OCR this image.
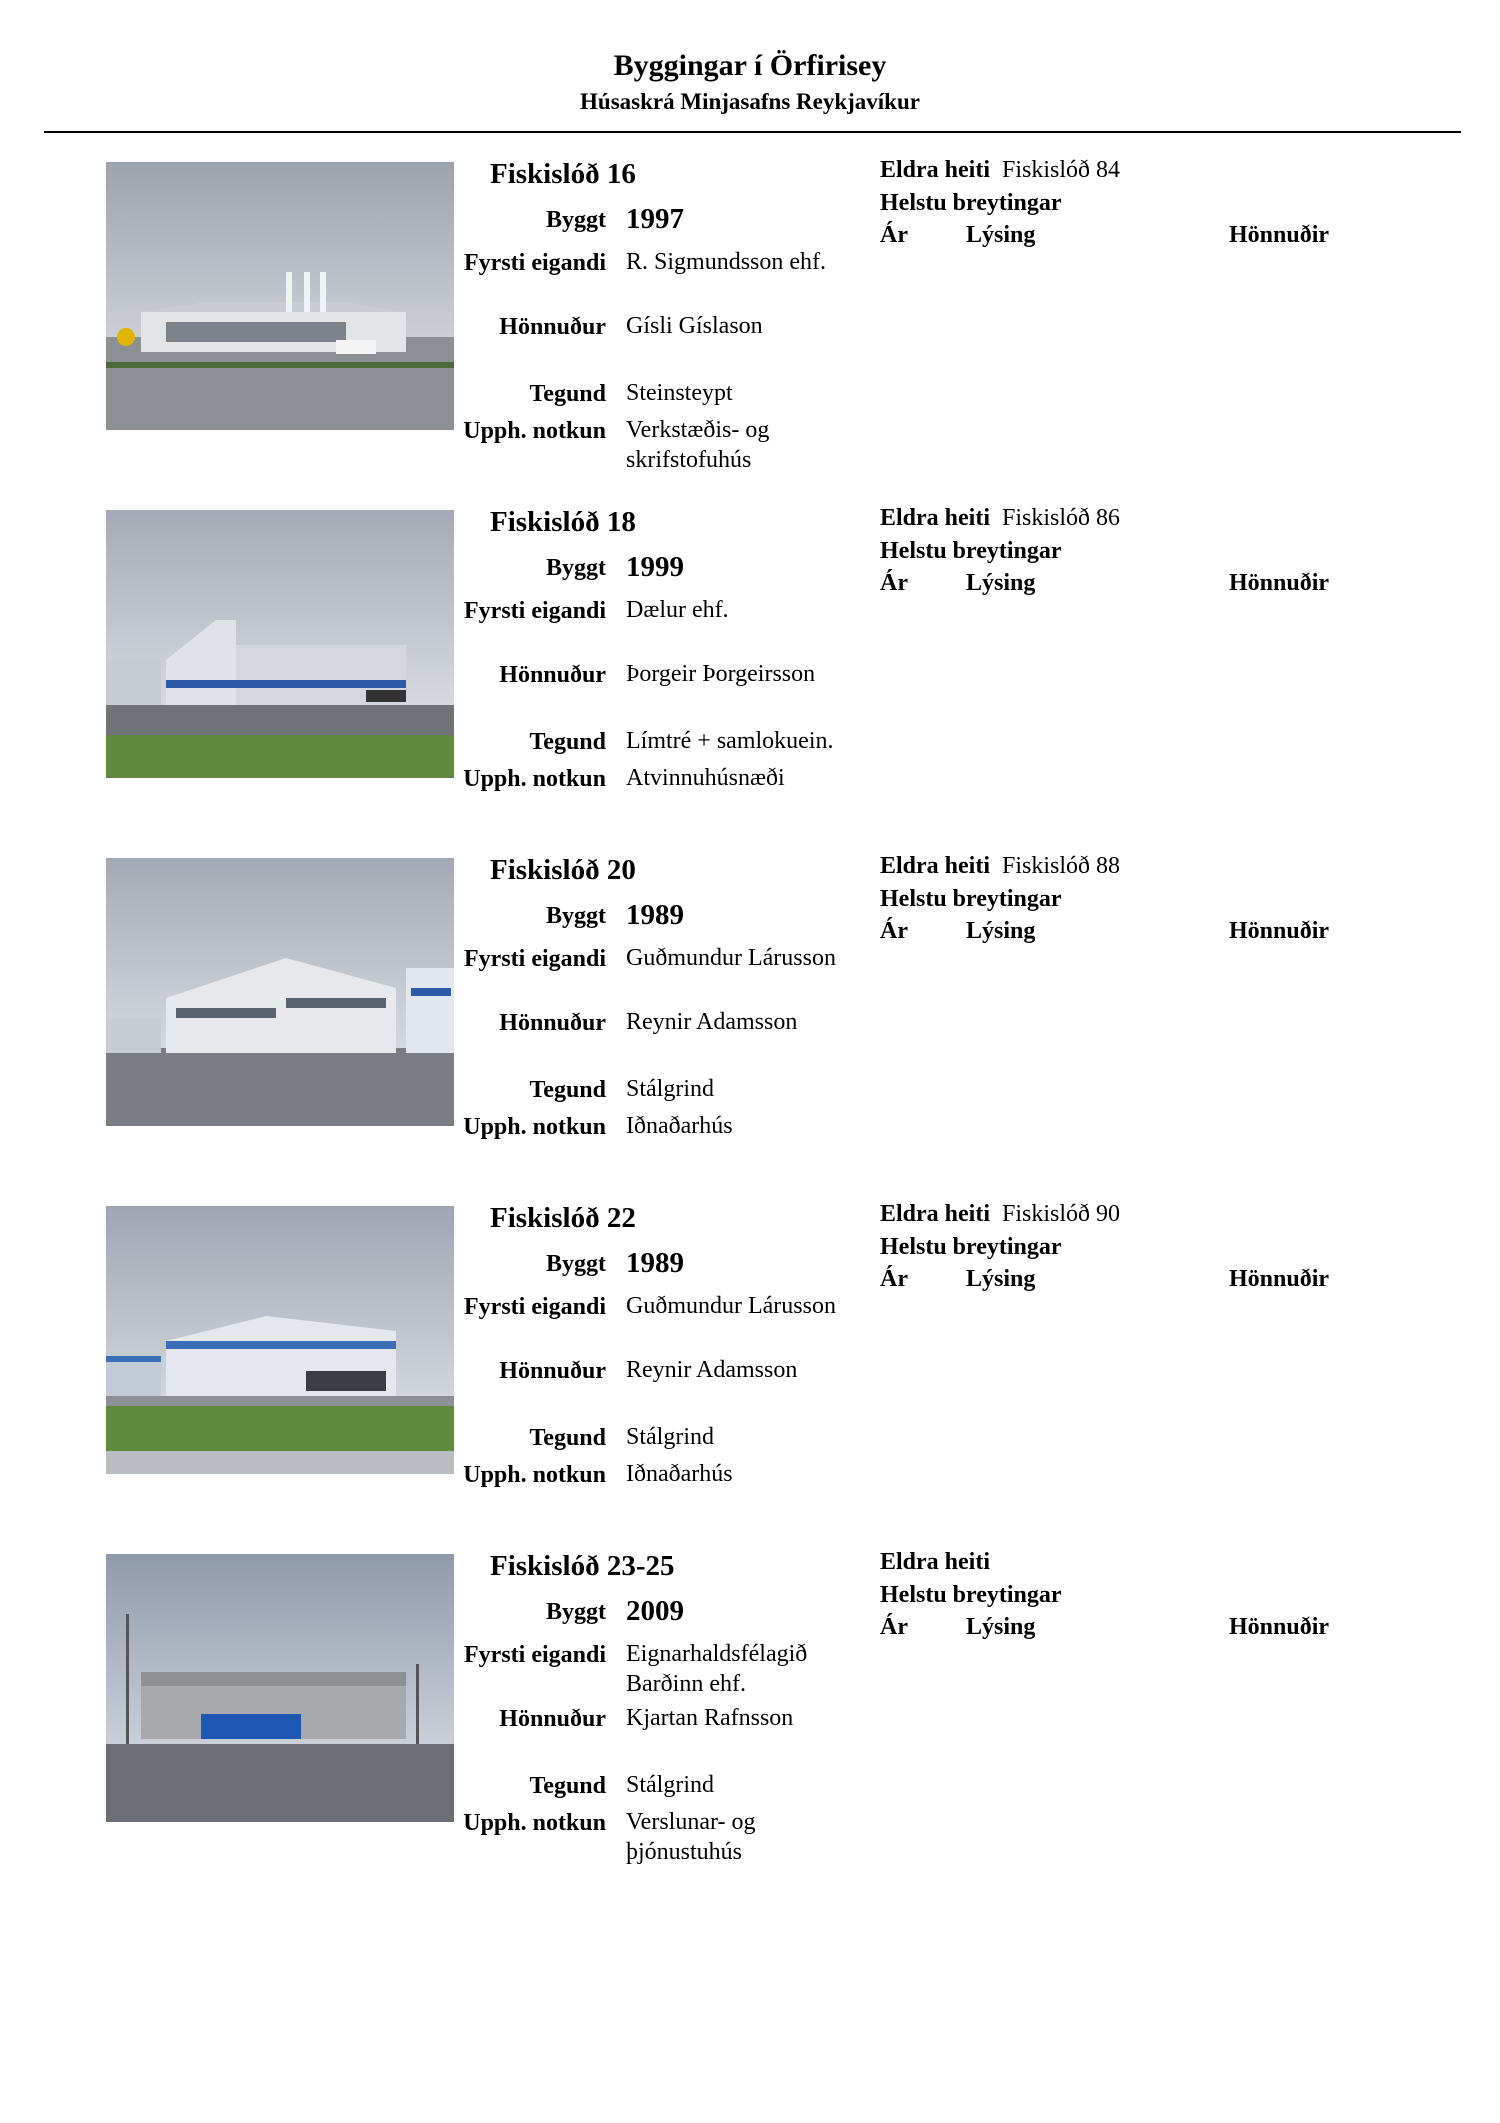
Byggingar í Örfirisey
Húsaskrá Minjasafns Reykjavíkur
Fiskislóð 16
Byggt 1997
Fyrsti eigandi R. Sigmundsson ehf.
Hönnuður Gísli Gíslason
Tegund Steinsteypt
Upph. notkun Verkstæðis- og skrifstofuhús
Eldra heiti Fiskislóð 84
Helstu breytingar
Ár Lýsing	Hönnuðir
Fiskislóð 18
Byggt 1999
Fyrsti eigandi Dælur ehf.
Hönnuður Þorgeir Þorgeirsson
Tegund Límtré + samlokuein.
Upph. notkun Atvinnuhúsnæði
Eldra heiti Fiskislóð 86
Helstu breytingar
Ár Lýsing	Hönnuðir
Fiskislóð 20
Byggt 1989
Fyrsti eigandi Guðmundur Lárusson
Hönnuður Reynir Adamsson
Tegund Stálgrind
Upph. notkun Iðnaðarhús
Eldra heiti Fiskislóð 88
Helstu breytingar
Ár Lýsing	Hönnuðir
Fiskislóð 22
Byggt 1989
Fyrsti eigandi Guðmundur Lárusson
Hönnuður Reynir Adamsson
Tegund Stálgrind
Upph. notkun Iðnaðarhús
Eldra heiti Fiskislóð 90
Helstu breytingar
Ár Lýsing	Hönnuðir
Fiskislóð 23-25
Byggt 2009
Fyrsti eigandi Eignarhaldsfélagið Barðinn ehf.
Hönnuður Kjartan Rafnsson
Tegund Stálgrind
Upph. notkun Verslunar- og þjónustuhús
Eldra heiti
Helstu breytingar
Ár Lýsing	Hönnuðir
